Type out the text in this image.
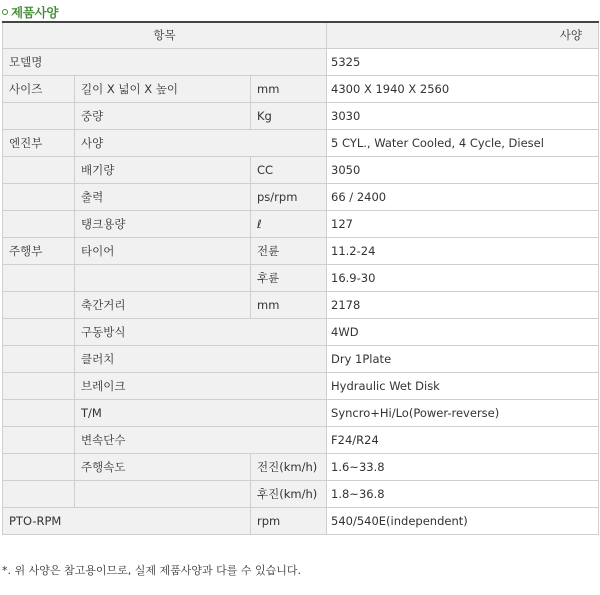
제품사양
항목			사양
모델명			5325
사이즈	길이 X 넓이 X 높이	mm	4300 X 1940 X 2560
	중량	Kg	3030
엔진부	사양		5 CYL., Water Cooled, 4 Cycle, Diesel
	배기량	CC	3050
	출력	ps/rpm	66 / 2400
	탱크용량	ℓ	127
주행부	타이어	전륜	11.2-24
		후륜	16.9-30
	축간거리	mm	2178
	구동방식		4WD
	클러치		Dry 1Plate
	브레이크		Hydraulic Wet Disk
	T/M		Syncro+Hi/Lo(Power-reverse)
	변속단수		F24/R24
	주행속도	전진(km/h)	1.6~33.8
		후진(km/h)	1.8~36.8
PTO-RPM		rpm	540/540E(independent)
*. 위 사양은 참고용이므로, 실제 제품사양과 다를 수 있습니다.
